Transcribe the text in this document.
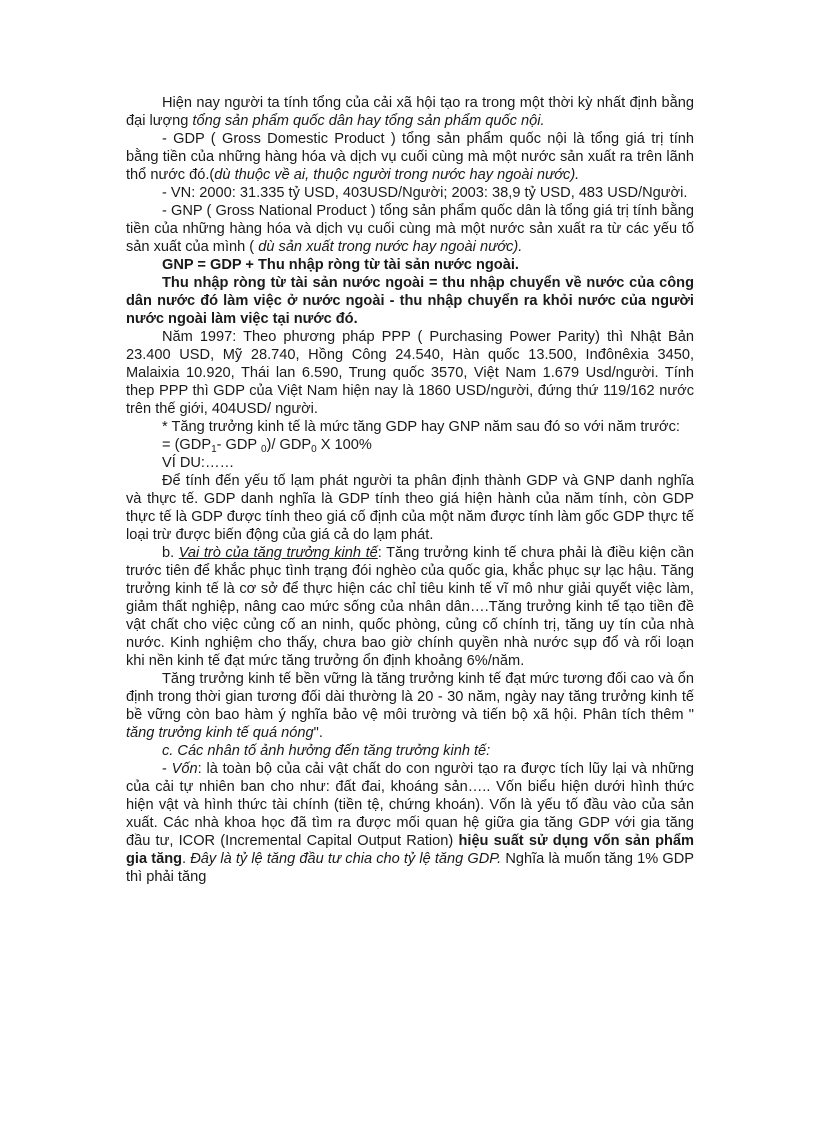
Hiện nay người ta tính tổng của cải xã hội tạo ra trong một thời kỳ nhất định bằng đại lượng tổng sản phẩm quốc dân hay tổng sản phẩm quốc nội.

- GDP ( Gross Domestic Product ) tổng sản phẩm quốc nội là tổng giá trị tính bằng tiền của những hàng hóa và dịch vụ cuối cùng mà một nước sản xuất ra trên lãnh thổ nước đó.(dù thuộc về ai, thuộc người trong nước hay ngoài nước).

- VN: 2000: 31.335 tỷ USD, 403USD/Người; 2003: 38,9 tỷ USD, 483 USD/Người.

- GNP ( Gross National Product ) tổng sản phẩm quốc dân là tổng giá trị tính bằng tiền của những hàng hóa và dịch vụ cuối cùng mà một nước sản xuất ra từ các yếu tố sản xuất của mình ( dù sản xuất trong nước hay ngoài nước).

GNP = GDP + Thu nhập ròng từ tài sản nước ngoài.

Thu nhập ròng từ tài sản nước ngoài = thu nhập chuyển về nước của công dân nước đó làm việc ở nước ngoài - thu nhập chuyển ra khỏi nước của người nước ngoài làm việc tại nước đó.

Năm 1997: Theo phương pháp PPP ( Purchasing Power Parity) thì Nhật Bản 23.400 USD, Mỹ 28.740, Hồng Công 24.540, Hàn quốc 13.500, Inđônêxia 3450, Malaixia 10.920, Thái lan 6.590, Trung quốc 3570, Việt Nam 1.679 Usd/người. Tính thep PPP thì GDP của Việt Nam hiện nay là 1860 USD/người, đứng thứ 119/162 nước trên thế giới, 404USD/ người.

* Tăng trưởng kinh tế là mức tăng GDP hay GNP năm sau đó so với năm trước:

= ($GDP_1-$ GDP $_0$)/ $GDP_0$ X 100%

VÍ DU:……

Để tính đến yếu tố lạm phát người ta phân định thành GDP và GNP danh nghĩa và thực tế. GDP danh nghĩa là GDP tính theo giá hiện hành của năm tính, còn GDP thực tế là GDP được tính theo giá cố định của một năm được tính làm gốc GDP thực tế loại trừ được biến động của giá cả do lạm phát.

b. Vai trò của tăng trưởng kinh tế: Tăng trưởng kinh tế chưa phải là điều kiện cần trước tiên để khắc phục tình trạng đói nghèo của quốc gia, khắc phục sự lạc hậu. Tăng trưởng kinh tế là cơ sở để thực hiện các chỉ tiêu kinh tế vĩ mô như giải quyết việc làm, giảm thất nghiệp, nâng cao mức sống của nhân dân….Tăng trưởng kinh tế tạo tiền đề vật chất cho việc củng cố an ninh, quốc phòng, củng cố chính trị, tăng uy tín của nhà nước. Kinh nghiệm cho thấy, chưa bao giờ chính quyền nhà nước sụp đổ và rối loạn khi nền kinh tế đạt mức tăng trưởng ổn định khoảng 6%/năm.

Tăng trưởng kinh tế bền vững là tăng trưởng kinh tế đạt mức tương đối cao và ổn định trong thời gian tương đối dài thường là 20 - 30 năm, ngày nay tăng trưởng kinh tế bề vững còn bao hàm ý nghĩa bảo vệ môi trường và tiến bộ xã hội. Phân tích thêm " tăng trưởng kinh tế quá nóng".

c. Các nhân tố ảnh hưởng đến tăng trưởng kinh tế:

- Vốn: là toàn bộ của cải vật chất do con người tạo ra được tích lũy lại và những của cải tự nhiên ban cho như: đất đai, khoáng sản….. Vốn biểu hiện dưới hình thức hiện vật và hình thức tài chính (tiền tệ, chứng khoán). Vốn là yếu tố đầu vào của sản xuất. Các nhà khoa học đã tìm ra được mối quan hệ giữa gia tăng GDP với gia tăng đầu tư, ICOR (Incremental Capital Output Ration) hiệu suất sử dụng vốn sản phẩm gia tăng. Đây là tỷ lệ tăng đầu tư chia cho tỷ lệ tăng GDP. Nghĩa là muốn tăng 1% GDP thì phải tăng
